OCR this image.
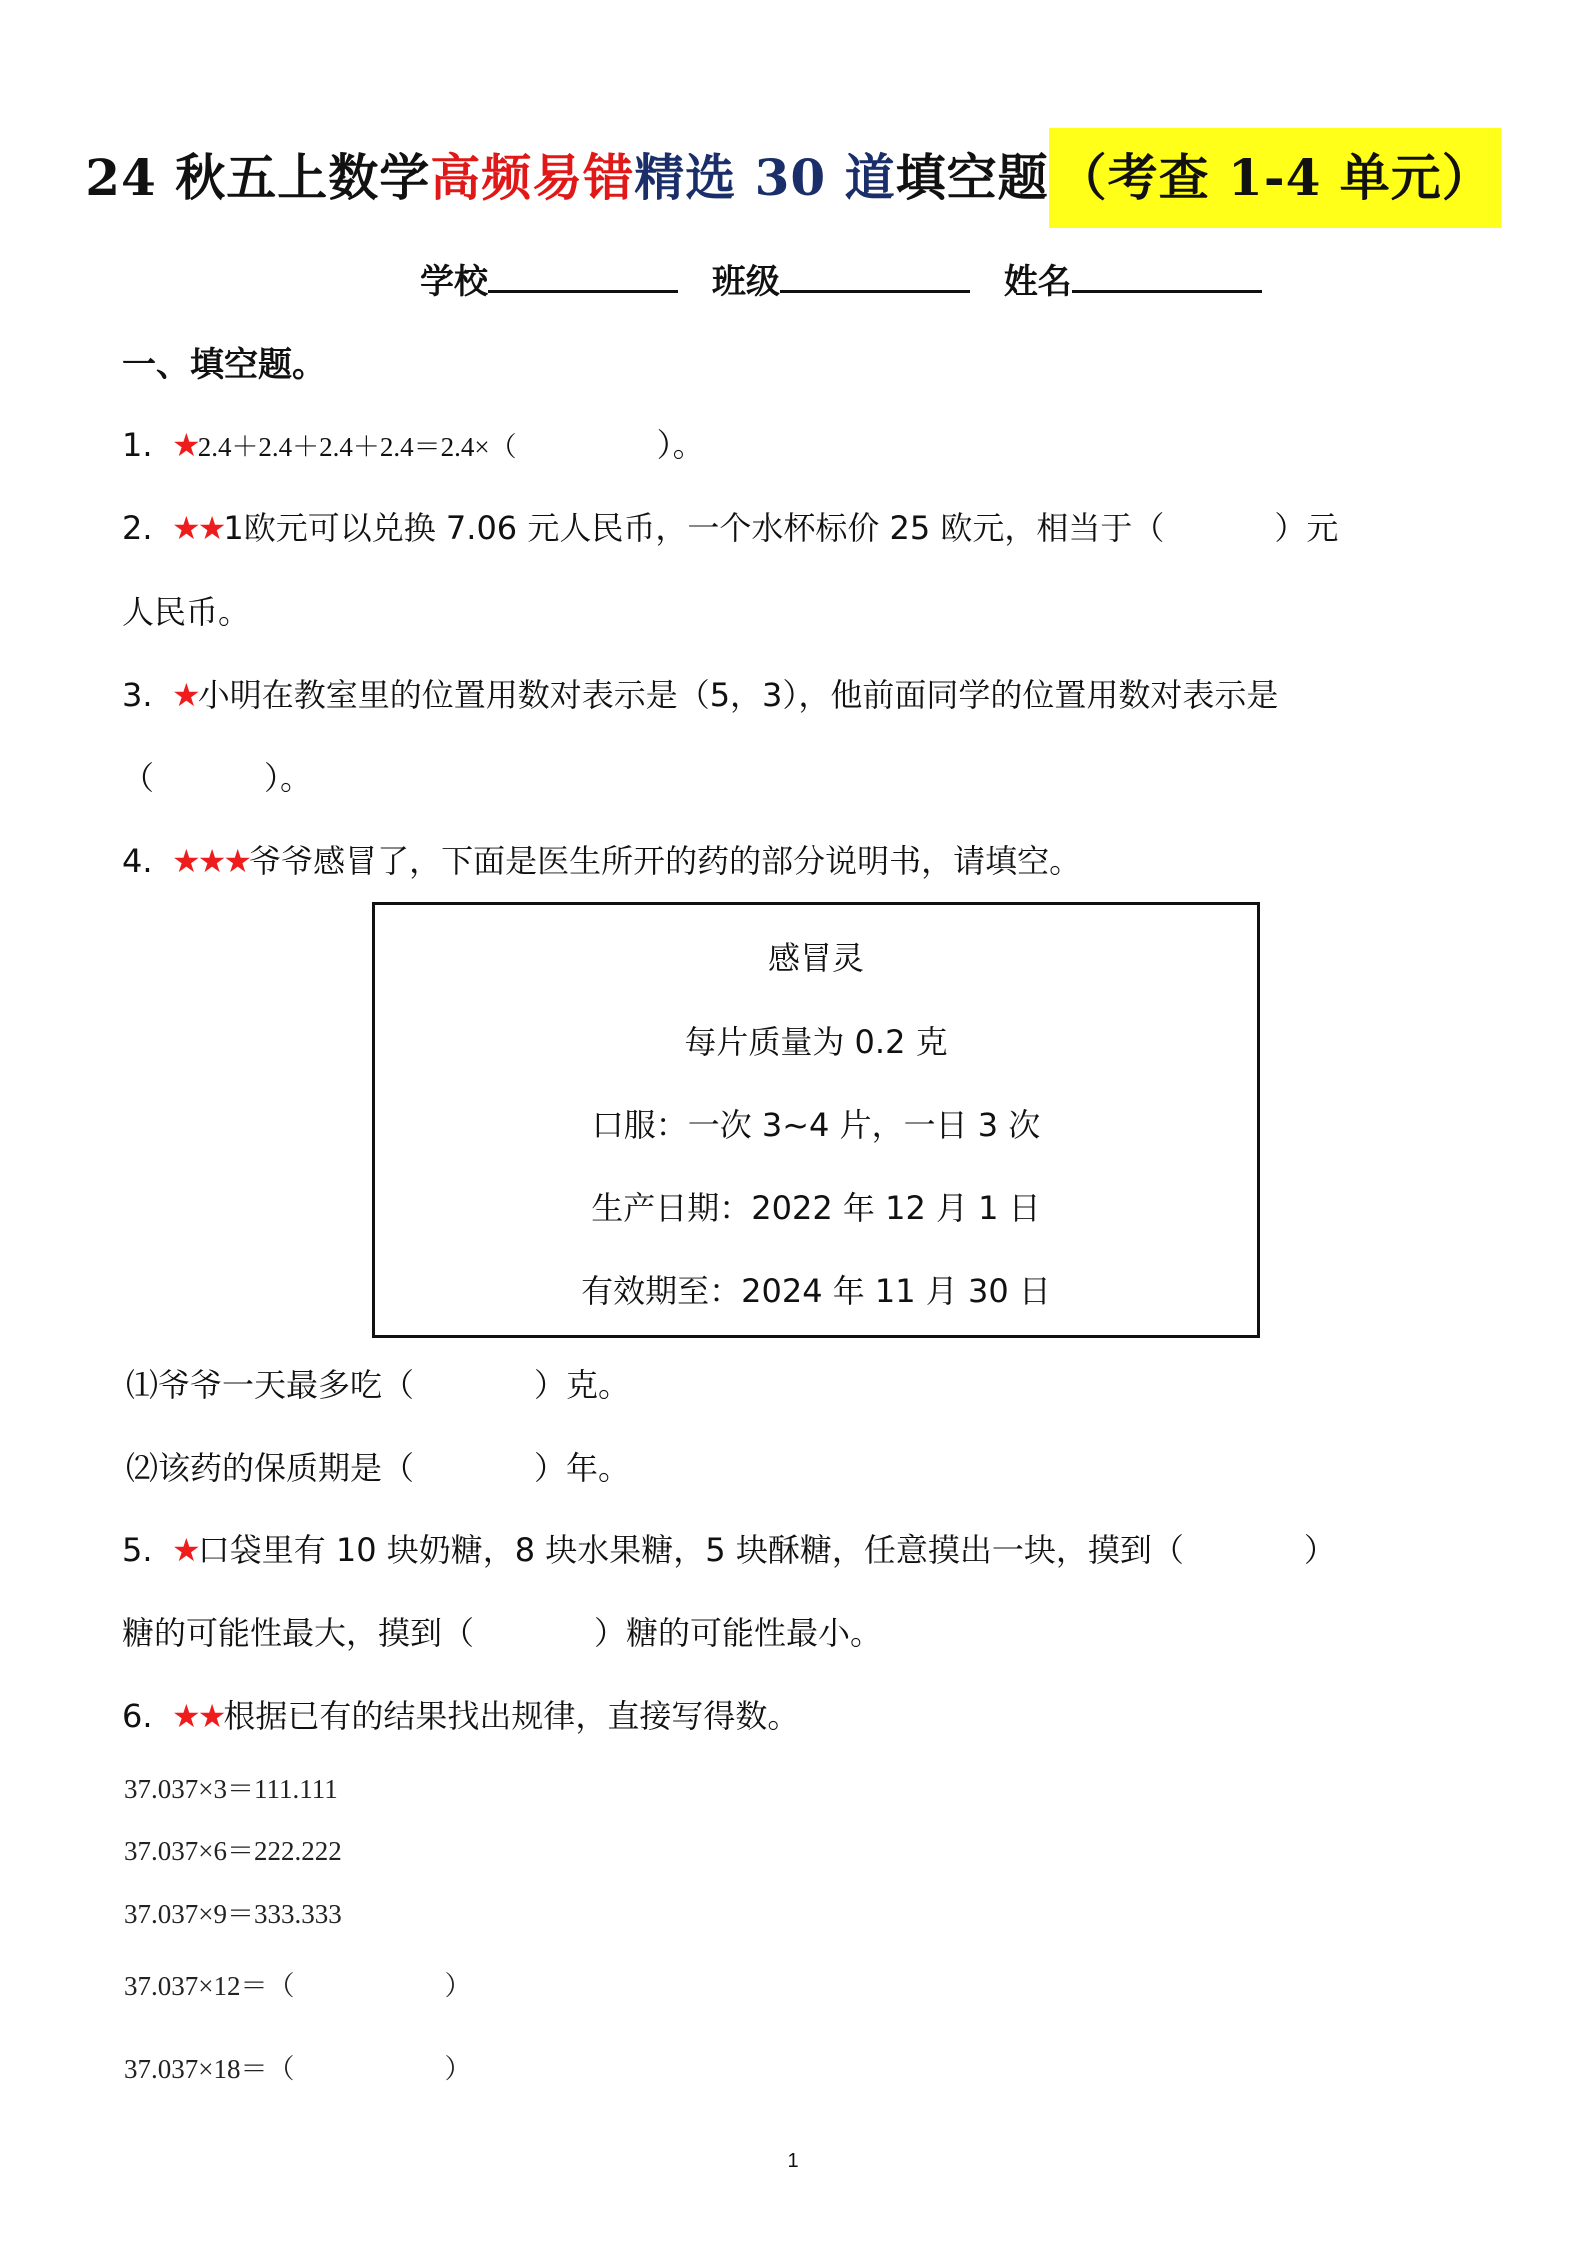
24 秋五上数学高频易错精选 30 道填空题 （考查 1-4 单元）
学校	班级	姓名
一、填空题。
1. ★2.4＋2.4＋2.4＋2.4＝2.4×（	）。
2. ★★1欧元可以兑换 7.06 元人民币，一个水杯标价 25 欧元，相当于（	）元
人民币。
3. ★小明在教室里的位置用数对表示是（5，3），他前面同学的位置用数对表示是
（	）。
4. ★★★爷爷感冒了，下面是医生所开的药的部分说明书，请填空。
感冒灵
每片质量为 0.2 克
口服：一次 3~4 片，一日 3 次
生产日期：2022 年 12 月 1 日
有效期至：2024 年 11 月 30 日
⑴爷爷一天最多吃（	）克。
⑵该药的保质期是（	）年。
5. ★口袋里有 10 块奶糖，8 块水果糖，5 块酥糖，任意摸出一块，摸到（	）
糖的可能性最大，摸到（	）糖的可能性最小。
6. ★★根据已有的结果找出规律，直接写得数。
37.037×3＝111.111
37.037×6＝222.222
37.037×9＝333.333
37.037×12＝（	）
37.037×18＝（	）
1
